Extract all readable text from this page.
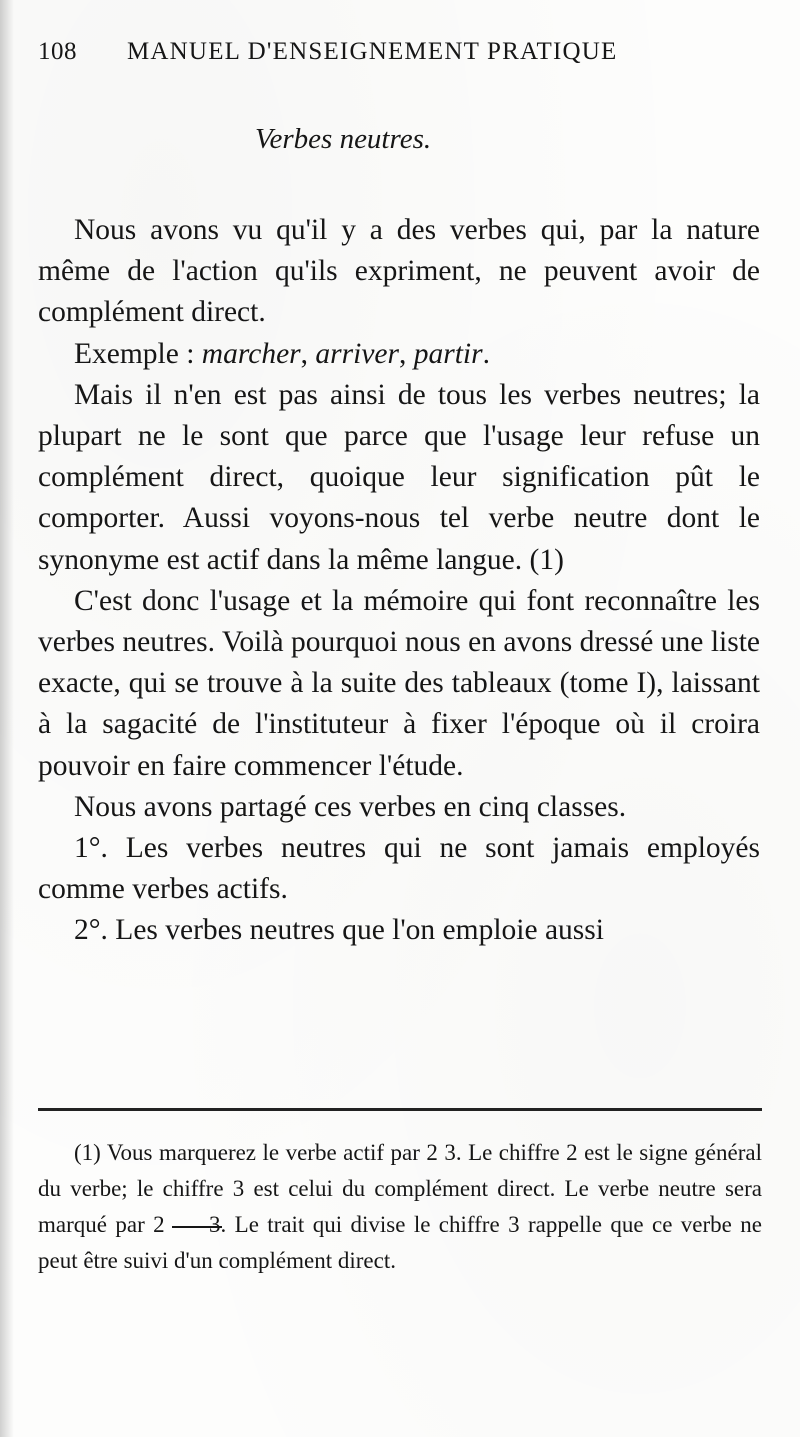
108 MANUEL D'ENSEIGNEMENT PRATIQUE
Verbes neutres.

Nous avons vu qu'il y a des verbes qui, par la nature même de l'action qu'ils expriment, ne peuvent avoir de complément direct.

Exemple : marcher, arriver, partir.

Mais il n'en est pas ainsi de tous les verbes neutres; la plupart ne le sont que parce que l'usage leur refuse un complément direct, quoique leur signification pût le comporter. Aussi voyons-nous tel verbe neutre dont le synonyme est actif dans la même langue. (1)

C'est donc l'usage et la mémoire qui font reconnaître les verbes neutres. Voilà pourquoi nous en avons dressé une liste exacte, qui se trouve à la suite des tableaux (tome I), laissant à la sagacité de l'instituteur à fixer l'époque où il croira pouvoir en faire commencer l'étude.

Nous avons partagé ces verbes en cinq classes.

1°. Les verbes neutres qui ne sont jamais employés comme verbes actifs.

2°. Les verbes neutres que l'on emploie aussi

(1) Vous marquerez le verbe actif par 2 3. Le chiffre 2 est le signe général du verbe; le chiffre 3 est celui du complément direct. Le verbe neutre sera marqué par 2 3. Le trait qui divise le chiffre 3 rappelle que ce verbe ne peut être suivi d'un complément direct.
